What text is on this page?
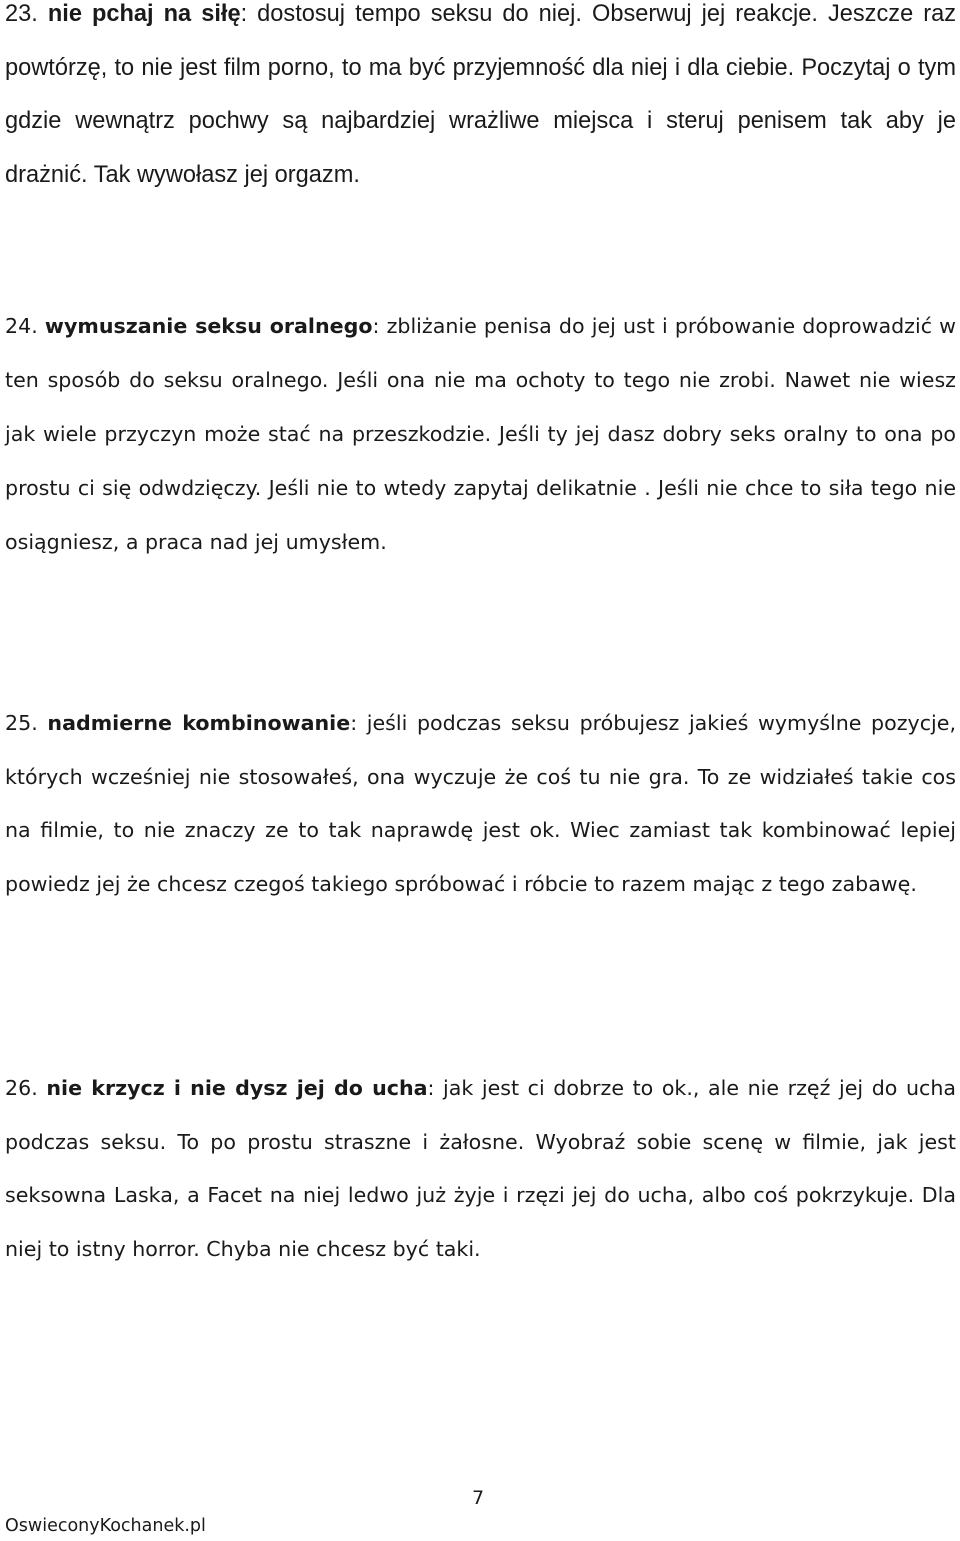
23. nie pchaj na siłę: dostosuj tempo seksu do niej. Obserwuj jej reakcje. Jeszcze raz powtórzę, to nie jest film porno, to ma być przyjemność dla niej i dla ciebie. Poczytaj o tym gdzie wewnątrz pochwy są najbardziej wrażliwe miejsca i steruj penisem tak aby je drażnić. Tak wywołasz jej orgazm.

24. wymuszanie seksu oralnego: zbliżanie penisa do jej ust i próbowanie doprowadzić w ten sposób do seksu oralnego. Jeśli ona nie ma ochoty to tego nie zrobi. Nawet nie wiesz jak wiele przyczyn może stać na przeszkodzie. Jeśli ty jej dasz dobry seks oralny to ona po prostu ci się odwdzięczy. Jeśli nie to wtedy zapytaj delikatnie . Jeśli nie chce to siła tego nie osiągniesz, a praca nad jej umysłem.

25. nadmierne kombinowanie: jeśli podczas seksu próbujesz jakieś wymyślne pozycje, których wcześniej nie stosowałeś, ona wyczuje że coś tu nie gra. To ze widziałeś takie cos na filmie, to nie znaczy ze to tak naprawdę jest ok. Wiec zamiast tak kombinować lepiej powiedz jej że chcesz czegoś takiego spróbować i róbcie to razem mając z tego zabawę.

26. nie krzycz i nie dysz jej do ucha: jak jest ci dobrze to ok., ale nie rzęź jej do ucha podczas seksu. To po prostu straszne i żałosne. Wyobraź sobie scenę w filmie, jak jest seksowna Laska, a Facet na niej ledwo już żyje i rzęzi jej do ucha, albo coś pokrzykuje. Dla niej to istny horror. Chyba nie chcesz być taki.

7
OswieconyKochanek.pl
